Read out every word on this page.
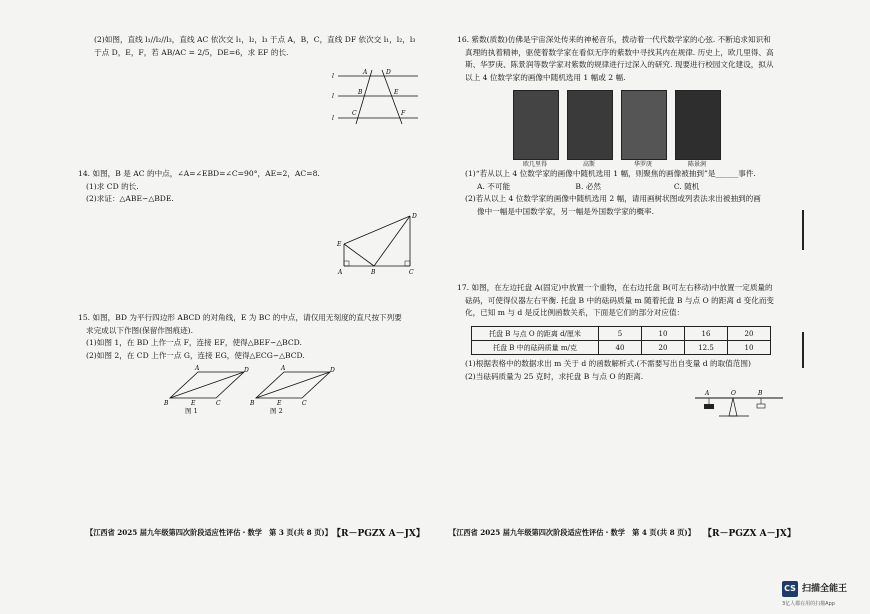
(2)如图，直线 l₁//l₂//l₃，直线 AC 依次交 l₁，l₂，l₃ 于点 A，B，C，直线 DF 依次交 l₁，l₂，l₃

于点 D，E，F，若 AB/AC = 2/5，DE=6，求 EF 的长.

l
l
l
A
B
C
D
E
F

14. 如图，B 是 AC 的中点，∠A=∠EBD=∠C=90°，AE=2，AC=8.

(1)求 CD 的长.

(2)求证：△ABE∽△BDE.

A	B	C
D
E

15. 如图，BD 为平行四边形 ABCD 的对角线，E 为 BC 的中点，请仅用无刻度的直尺按下列要

求完成以下作图(保留作图痕迹).

(1)如图 1，在 BD 上作一点 F，连接 EF，使得△BEF∽△BCD.

(2)如图 2，在 CD 上作一点 G，连接 EG，使得△ECG∽△BCD.

A	D
B	E	C
图 1
A	D
B	E	C
图 2
【江西省 2025 届九年级第四次阶段适应性评估・数学　第 3 页(共 8 页)】 【R－PGZX A－JX】

16. 紫数(质数)仿佛是宇宙深处传来的神秘音乐，拨动着一代代数学家的心弦. 不断追求知识和

真理的执着精神，驱使着数学家在看似无序的紫数中寻找其内在规律. 历史上，欧几里得、高

斯、华罗庚、陈景润等数学家对紫数的规律进行过深入的研究. 现要进行校园文化建设，拟从

以上 4 位数学家的画像中随机选用 1 幅或 2 幅.

欧几里得	高斯	华罗庚	陈景润

(1)“若从以上 4 位数学家的画像中随机选用 1 幅，则聚焦的画像被抽到”是______事件.

A. 不可能	B. 必然	C. 随机

(2)若从以上 4 位数学家的画像中随机选用 2 幅，请用画树状图或列表法求出被抽到的画

像中一幅是中国数学家，另一幅是外国数学家的概率.

17. 如图，在左边托盘 A(固定)中放置一个重物，在右边托盘 B(可左右移动)中放置一定质量的

砝码，可使得仪器左右平衡. 托盘 B 中的砝码质量 m 随着托盘 B 与点 O 的距离 d 变化而变

化，已知 m 与 d 是反比例函数关系，下面是它们的部分对应值：

托盘 B 与点 O 的距离 d/厘米	5	10	16	20
托盘 B 中的砝码质量 m/克	40	20	12.5	10

(1)根据表格中的数据求出 m 关于 d 的函数解析式.(不需要写出自变量 d 的取值范围)

(2)当砝码质量为 25 克时，求托盘 B 与点 O 的距离.

A	O	B
【江西省 2025 届九年级第四次阶段适应性评估・数学　第 4 页(共 8 页)】 【R－PGZX A－JX】
CS 扫描全能王
3亿人都在用的扫描App
